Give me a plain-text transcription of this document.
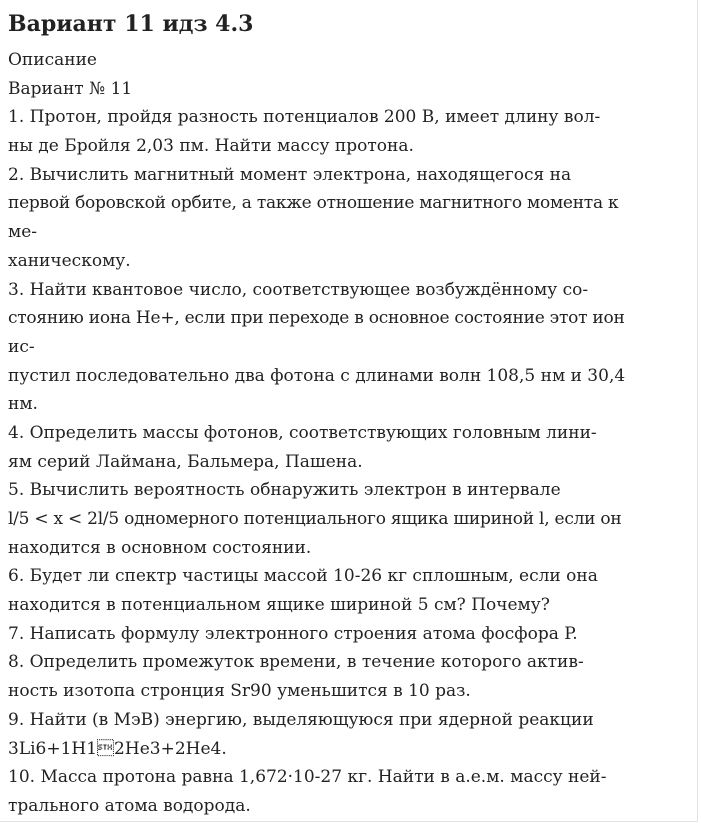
Вариант 11 идз 4.3
Описание
Вариант № 11
1. Протон, пройдя разность потенциалов 200 В, имеет длину вол-
ны де Бройля 2,03 пм. Найти массу протона.
2. Вычислить магнитный момент электрона, находящегося на
первой боровской орбите, а также отношение магнитного момента к
ме-
ханическому.
3. Найти квантовое число, соответствующее возбуждённому со-
стоянию иона He+, если при переходе в основное состояние этот ион
ис-
пустил последовательно два фотона с длинами волн 108,5 нм и 30,4
нм.
4. Определить массы фотонов, соответствующих головным лини-
ям серий Лаймана, Бальмера, Пашена.
5. Вычислить вероятность обнаружить электрон в интервале
l/5 < x < 2l/5 одномерного потенциального ящика шириной l, если он
находится в основном состоянии.
6. Будет ли спектр частицы массой 10-26 кг сплошным, если она
находится в потенциальном ящике шириной 5 см? Почему?
7. Написать формулу электронного строения атома фосфора P.
8. Определить промежуток времени, в течение которого актив-
ность изотопа стронция Sr90 уменьшится в 10 раз.
9. Найти (в МэВ) энергию, выделяющуюся при ядерной реакции
3Li6+1H12He3+2He4.
10. Масса протона равна 1,672·10-27 кг. Найти в а.е.м. массу ней-
трального атома водорода.
